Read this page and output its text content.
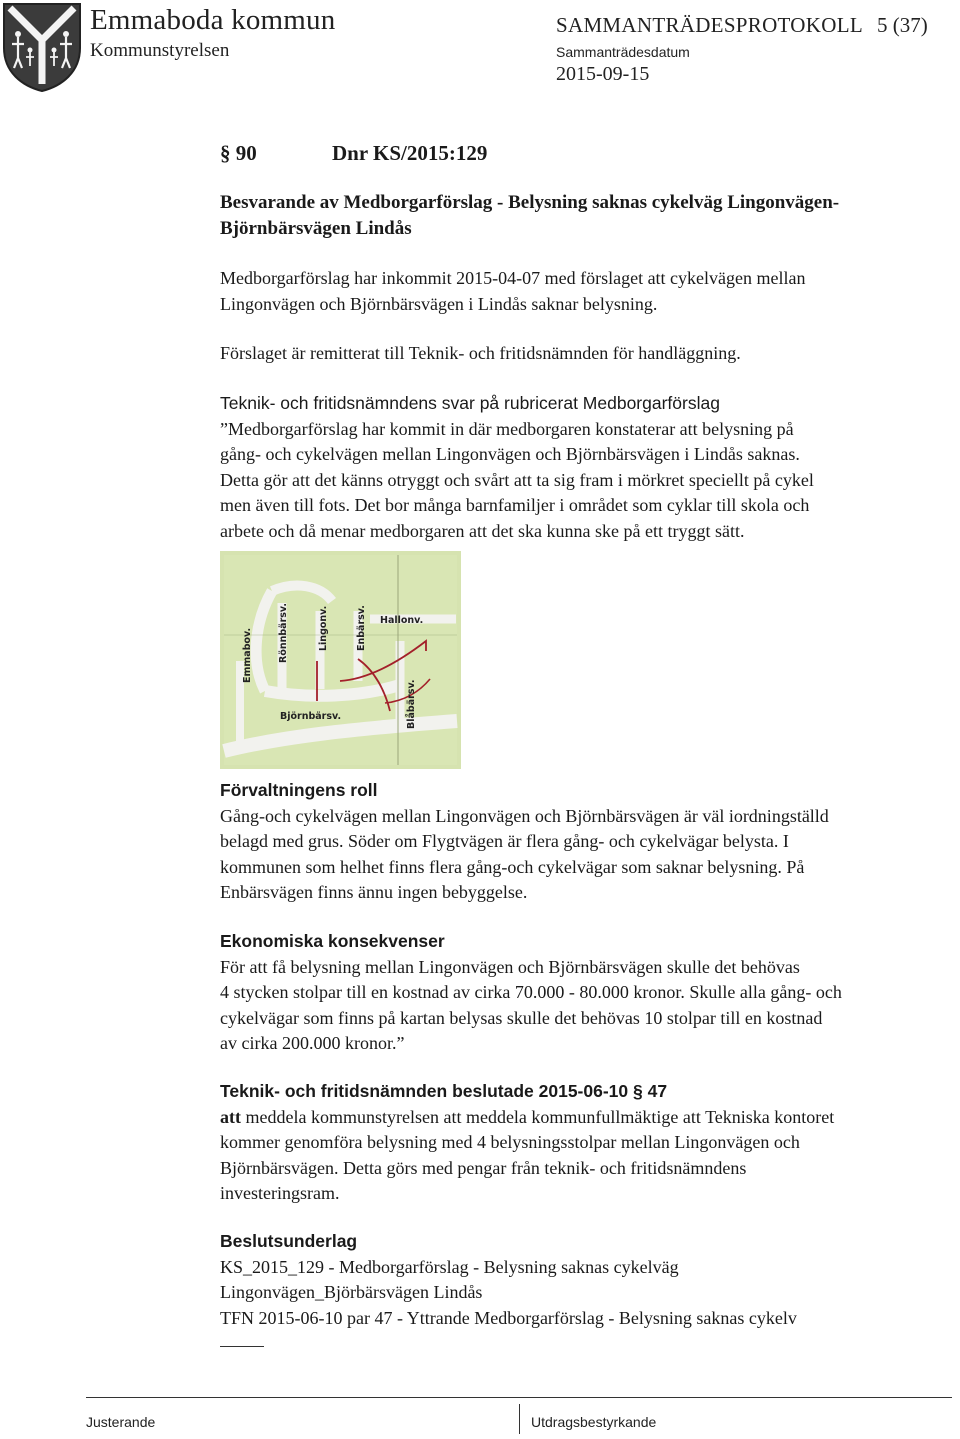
Emmaboda kommun
Kommunstyrelsen
SAMMANTRÄDESPROTOKOLL 5 (37)
Sammanträdesdatum
2015-09-15
§ 90	Dnr KS/2015:129

Besvarande av Medborgarförslag - Belysning saknas cykelväg Lingonvägen-

Björnbärsvägen Lindås

Medborgarförslag har inkommit 2015-04-07 med förslaget att cykelvägen mellan

Lingonvägen och Björnbärsvägen i Lindås saknar belysning.

Förslaget är remitterat till Teknik- och fritidsnämnden för handläggning.

Teknik- och fritidsnämndens svar på rubricerat Medborgarförslag

”Medborgarförslag har kommit in där medborgaren konstaterar att belysning på

gång- och cykelvägen mellan Lingonvägen och Björnbärsvägen i Lindås saknas.

Detta gör att det känns otryggt och svårt att ta sig fram i mörkret speciellt på cykel

men även till fots. Det bor många barnfamiljer i området som cyklar till skola och

arbete och då menar medborgaren att det ska kunna ske på ett tryggt sätt.

Emmabov.	Rönnbärsv.	Lingonv.	Enbärsv. Hallonv.
Björnbärsv.	Blåbärsv.

Förvaltningens roll

Gång-och cykelvägen mellan Lingonvägen och Björnbärsvägen är väl iordningställd

belagd med grus. Söder om Flygtvägen är flera gång- och cykelvägar belysta. I

kommunen som helhet finns flera gång-och cykelvägar som saknar belysning. På

Enbärsvägen finns ännu ingen bebyggelse.

Ekonomiska konsekvenser

För att få belysning mellan Lingonvägen och Björnbärsvägen skulle det behövas

4 stycken stolpar till en kostnad av cirka 70.000 - 80.000 kronor. Skulle alla gång- och

cykelvägar som finns på kartan belysas skulle det behövas 10 stolpar till en kostnad

av cirka 200.000 kronor.”

Teknik- och fritidsnämnden beslutade 2015-06-10 § 47

att meddela kommunstyrelsen att meddela kommunfullmäktige att Tekniska kontoret

kommer genomföra belysning med 4 belysningsstolpar mellan Lingonvägen och

Björnbärsvägen. Detta görs med pengar från teknik- och fritidsnämndens

investeringsram.

Beslutsunderlag

KS_2015_129 - Medborgarförslag - Belysning saknas cykelväg

Lingonvägen_Björbärsvägen Lindås

TFN 2015-06-10 par 47 - Yttrande Medborgarförslag - Belysning saknas cykelv

Justerande	Utdragsbestyrkande
